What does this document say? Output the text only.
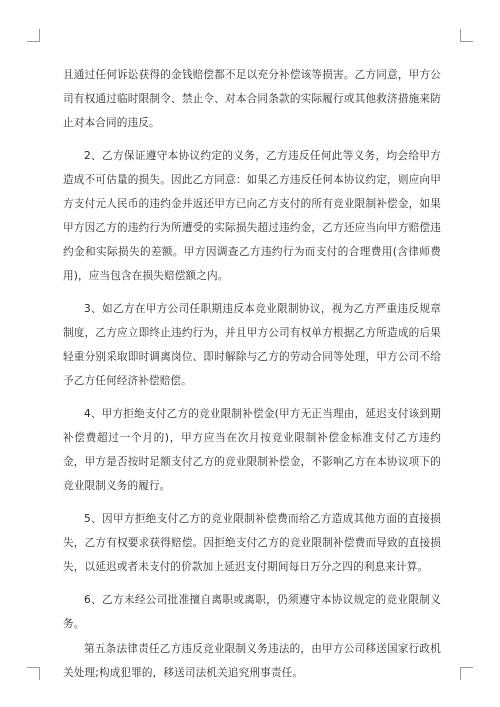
且通过任何诉讼获得的金钱赔偿都不足以充分补偿该等损害。乙方同意，甲方公司有权通过临时限制令、禁止令、对本合同条款的实际履行或其他救济措施来防止对本合同的违反。

2、乙方保证遵守本协议约定的义务，乙方违反任何此等义务，均会给甲方造成不可估量的损失。因此乙方同意：如果乙方违反任何本协议约定，则应向甲方支付元人民币的违约金并返还甲方已向乙方支付的所有竞业限制补偿金，如果甲方因乙方的违约行为所遭受的实际损失超过违约金，乙方还应当向甲方赔偿违约金和实际损失的差额。甲方因调查乙方违约行为而支付的合理费用(含律师费用)，应当包含在损失赔偿额之内。

3、如乙方在甲方公司任职期违反本竞业限制协议，视为乙方严重违反规章制度，乙方应立即终止违约行为，并且甲方公司有权单方根据乙方所造成的后果轻重分别采取即时调离岗位、即时解除与乙方的劳动合同等处理，甲方公司不给予乙方任何经济补偿赔偿。

4、甲方拒绝支付乙方的竞业限制补偿金(甲方无正当理由，延迟支付该到期补偿费超过一个月的)，甲方应当在次月按竞业限制补偿金标准支付乙方违约金，甲方是否按时足额支付乙方的竞业限制补偿金，不影响乙方在本协议项下的竞业限制义务的履行。

5、因甲方拒绝支付乙方的竞业限制补偿费而给乙方造成其他方面的直接损失，乙方有权要求获得赔偿。因拒绝支付乙方的竞业限制补偿费而导致的直接损失，以延迟或者未支付的价款加上延迟支付期间每日万分之四的利息来计算。

6、乙方未经公司批准擅自离职或离职，仍须遵守本协议规定的竞业限制义务。

第五条法律责任乙方违反竞业限制义务违法的，由甲方公司移送国家行政机关处理;构成犯罪的，移送司法机关追究刑事责任。
